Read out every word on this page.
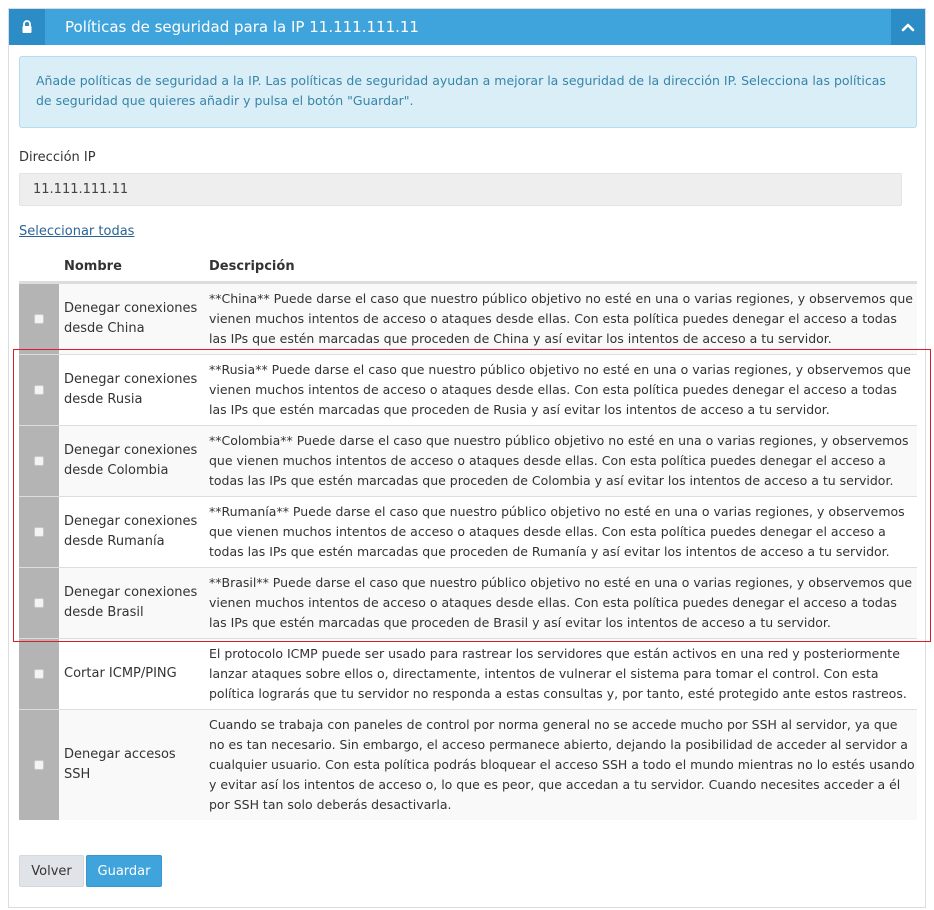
Políticas de seguridad para la IP 11.111.111.11
Añade políticas de seguridad a la IP. Las políticas de seguridad ayudan a mejorar la seguridad de la dirección IP. Selecciona las políticas de seguridad que quieres añadir y pulsa el botón "Guardar".
Dirección IP
11.111.111.11
Seleccionar todas
Nombre	Descripción
Denegar conexiones desde China
**China** Puede darse el caso que nuestro público objetivo no esté en una o varias regiones, y observemos que vienen muchos intentos de acceso o ataques desde ellas. Con esta política puedes denegar el acceso a todas las IPs que estén marcadas que proceden de China y así evitar los intentos de acceso a tu servidor.
Denegar conexiones desde Rusia
**Rusia** Puede darse el caso que nuestro público objetivo no esté en una o varias regiones, y observemos que vienen muchos intentos de acceso o ataques desde ellas. Con esta política puedes denegar el acceso a todas las IPs que estén marcadas que proceden de Rusia y así evitar los intentos de acceso a tu servidor.
Denegar conexiones desde Colombia
**Colombia** Puede darse el caso que nuestro público objetivo no esté en una o varias regiones, y observemos que vienen muchos intentos de acceso o ataques desde ellas. Con esta política puedes denegar el acceso a todas las IPs que estén marcadas que proceden de Colombia y así evitar los intentos de acceso a tu servidor.
Denegar conexiones desde Rumanía
**Rumanía** Puede darse el caso que nuestro público objetivo no esté en una o varias regiones, y observemos que vienen muchos intentos de acceso o ataques desde ellas. Con esta política puedes denegar el acceso a todas las IPs que estén marcadas que proceden de Rumanía y así evitar los intentos de acceso a tu servidor.
Denegar conexiones desde Brasil
**Brasil** Puede darse el caso que nuestro público objetivo no esté en una o varias regiones, y observemos que vienen muchos intentos de acceso o ataques desde ellas. Con esta política puedes denegar el acceso a todas las IPs que estén marcadas que proceden de Brasil y así evitar los intentos de acceso a tu servidor.
Cortar ICMP/PING
El protocolo ICMP puede ser usado para rastrear los servidores que están activos en una red y posteriormente lanzar ataques sobre ellos o, directamente, intentos de vulnerar el sistema para tomar el control. Con esta política lograrás que tu servidor no responda a estas consultas y, por tanto, esté protegido ante estos rastreos.
Denegar accesos SSH
Cuando se trabaja con paneles de control por norma general no se accede mucho por SSH al servidor, ya que no es tan necesario. Sin embargo, el acceso permanece abierto, dejando la posibilidad de acceder al servidor a cualquier usuario. Con esta política podrás bloquear el acceso SSH a todo el mundo mientras no lo estés usando y evitar así los intentos de acceso o, lo que es peor, que accedan a tu servidor. Cuando necesites acceder a él por SSH tan solo deberás desactivarla.
Volver	Guardar
